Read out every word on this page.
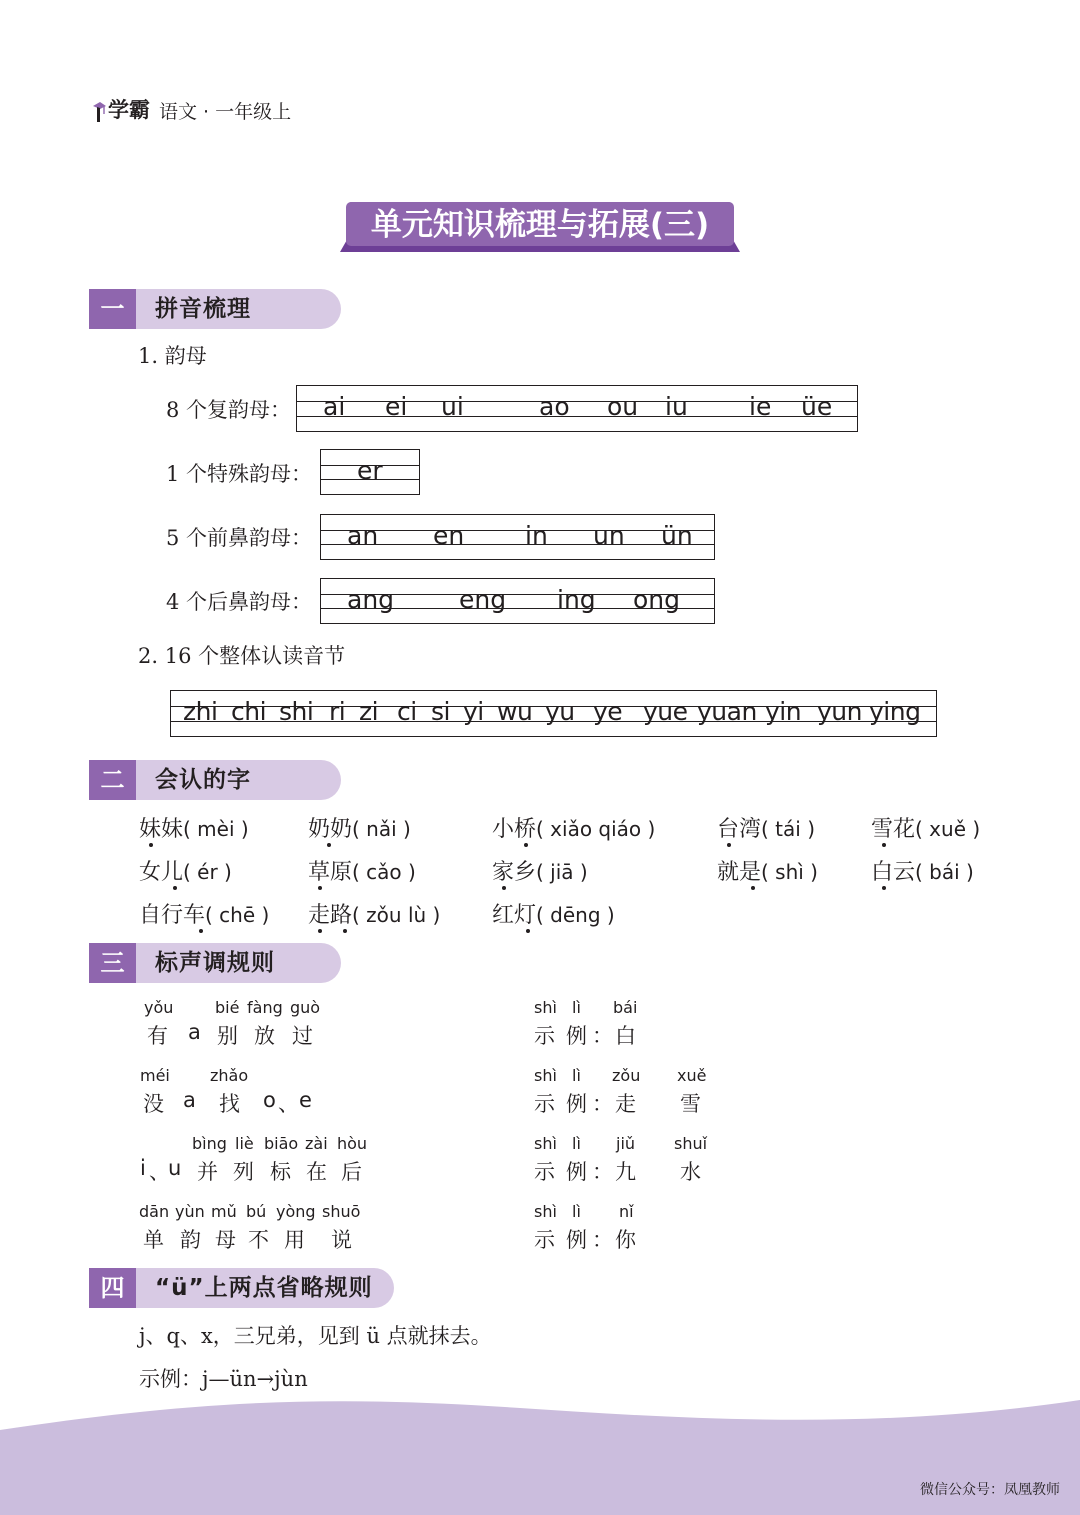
学霸 语文 · 一年级上
单元知识梳理与拓展(三)
一	拼音梳理
1. 韵母
8 个复韵母： ai ei ui	ao ou iu ie üe
1 个特殊韵母： er
5 个前鼻韵母： an en in un ün
4 个后鼻韵母： ang	eng ing ong
2. 16 个整体认读音节
zhi chi shi ri zi ci si yi wu yu ye yue yuan yin yun ying
二	会认的字
妹妹( mèi )	奶奶( nǎi )	小桥( xiǎo qiáo )	台湾( tái )	雪花( xuě )
女儿( ér )	草原( cǎo )	家乡( jiā )	就是( shì ) 白云( bái )
自行车( chē ) 走路( zǒu lù ) 红灯( dēng )
三	标声调规则
yǒu	bié fàng guò
有 a 别 放 过
shì lì bái
示 例 ： 白
méi	zhǎo
没 a 找 o 、 e
shì lì zǒu xuě
示 例 ： 走 雪
bìng liè biāo zài hòu
i 、
u 并 列 标 在 后
shì lì jiǔ shuǐ
示 例 ： 九 水
dān yùn mǔ bú yòng shuō
单 韵 母 不 用 说
shì lì nǐ
示 例 ： 你
四	“ü”上两点省略规则
j、q、x，三兄弟，见到 ü 点就抹去。
示例：j—ün→jùn
微信公众号：凤凰教师
